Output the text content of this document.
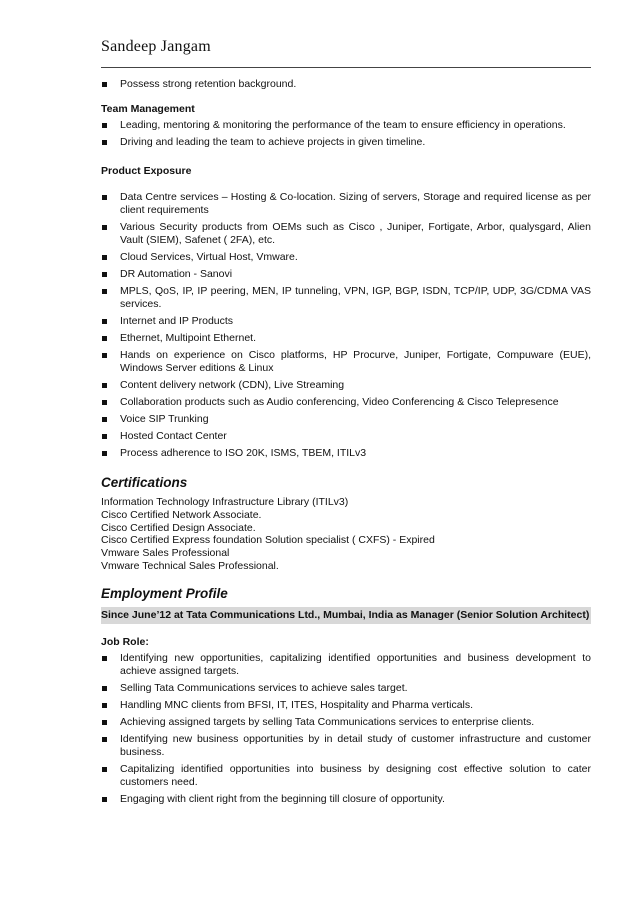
Sandeep Jangam
Possess strong retention background.
Team Management
Leading, mentoring & monitoring the performance of the team to ensure efficiency in operations.
Driving and leading the team to achieve projects in given timeline.
Product Exposure
Data Centre services – Hosting & Co-location. Sizing of servers, Storage and required license as per client requirements
Various Security products from OEMs such as Cisco , Juniper, Fortigate, Arbor, qualysgard, Alien Vault (SIEM), Safenet ( 2FA), etc.
Cloud Services, Virtual Host, Vmware.
DR Automation - Sanovi
MPLS, QoS, IP, IP peering, MEN, IP tunneling, VPN, IGP, BGP, ISDN, TCP/IP, UDP, 3G/CDMA VAS services.
Internet and IP Products
Ethernet, Multipoint Ethernet.
Hands on experience on Cisco platforms, HP Procurve, Juniper, Fortigate, Compuware (EUE), Windows Server editions & Linux
Content delivery network (CDN), Live Streaming
Collaboration products such as Audio conferencing, Video Conferencing & Cisco Telepresence
Voice SIP Trunking
Hosted Contact Center
Process adherence to ISO 20K, ISMS, TBEM, ITILv3
Certifications
Information Technology Infrastructure Library (ITILv3)
Cisco Certified Network Associate.
Cisco Certified Design Associate.
Cisco Certified Express foundation Solution specialist ( CXFS) - Expired
Vmware Sales Professional
Vmware Technical Sales Professional.
Employment Profile
Since June’12 at Tata Communications Ltd., Mumbai, India as Manager (Senior Solution Architect)
Job Role:
Identifying new opportunities, capitalizing identified opportunities and business development to achieve assigned targets.
Selling Tata Communications services to achieve sales target.
Handling MNC clients from BFSI, IT, ITES, Hospitality and Pharma verticals.
Achieving assigned targets by selling Tata Communications services to enterprise clients.
Identifying new business opportunities by in detail study of customer infrastructure and customer business.
Capitalizing identified opportunities into business by designing cost effective solution to cater customers need.
Engaging with client right from the beginning till closure of opportunity.
